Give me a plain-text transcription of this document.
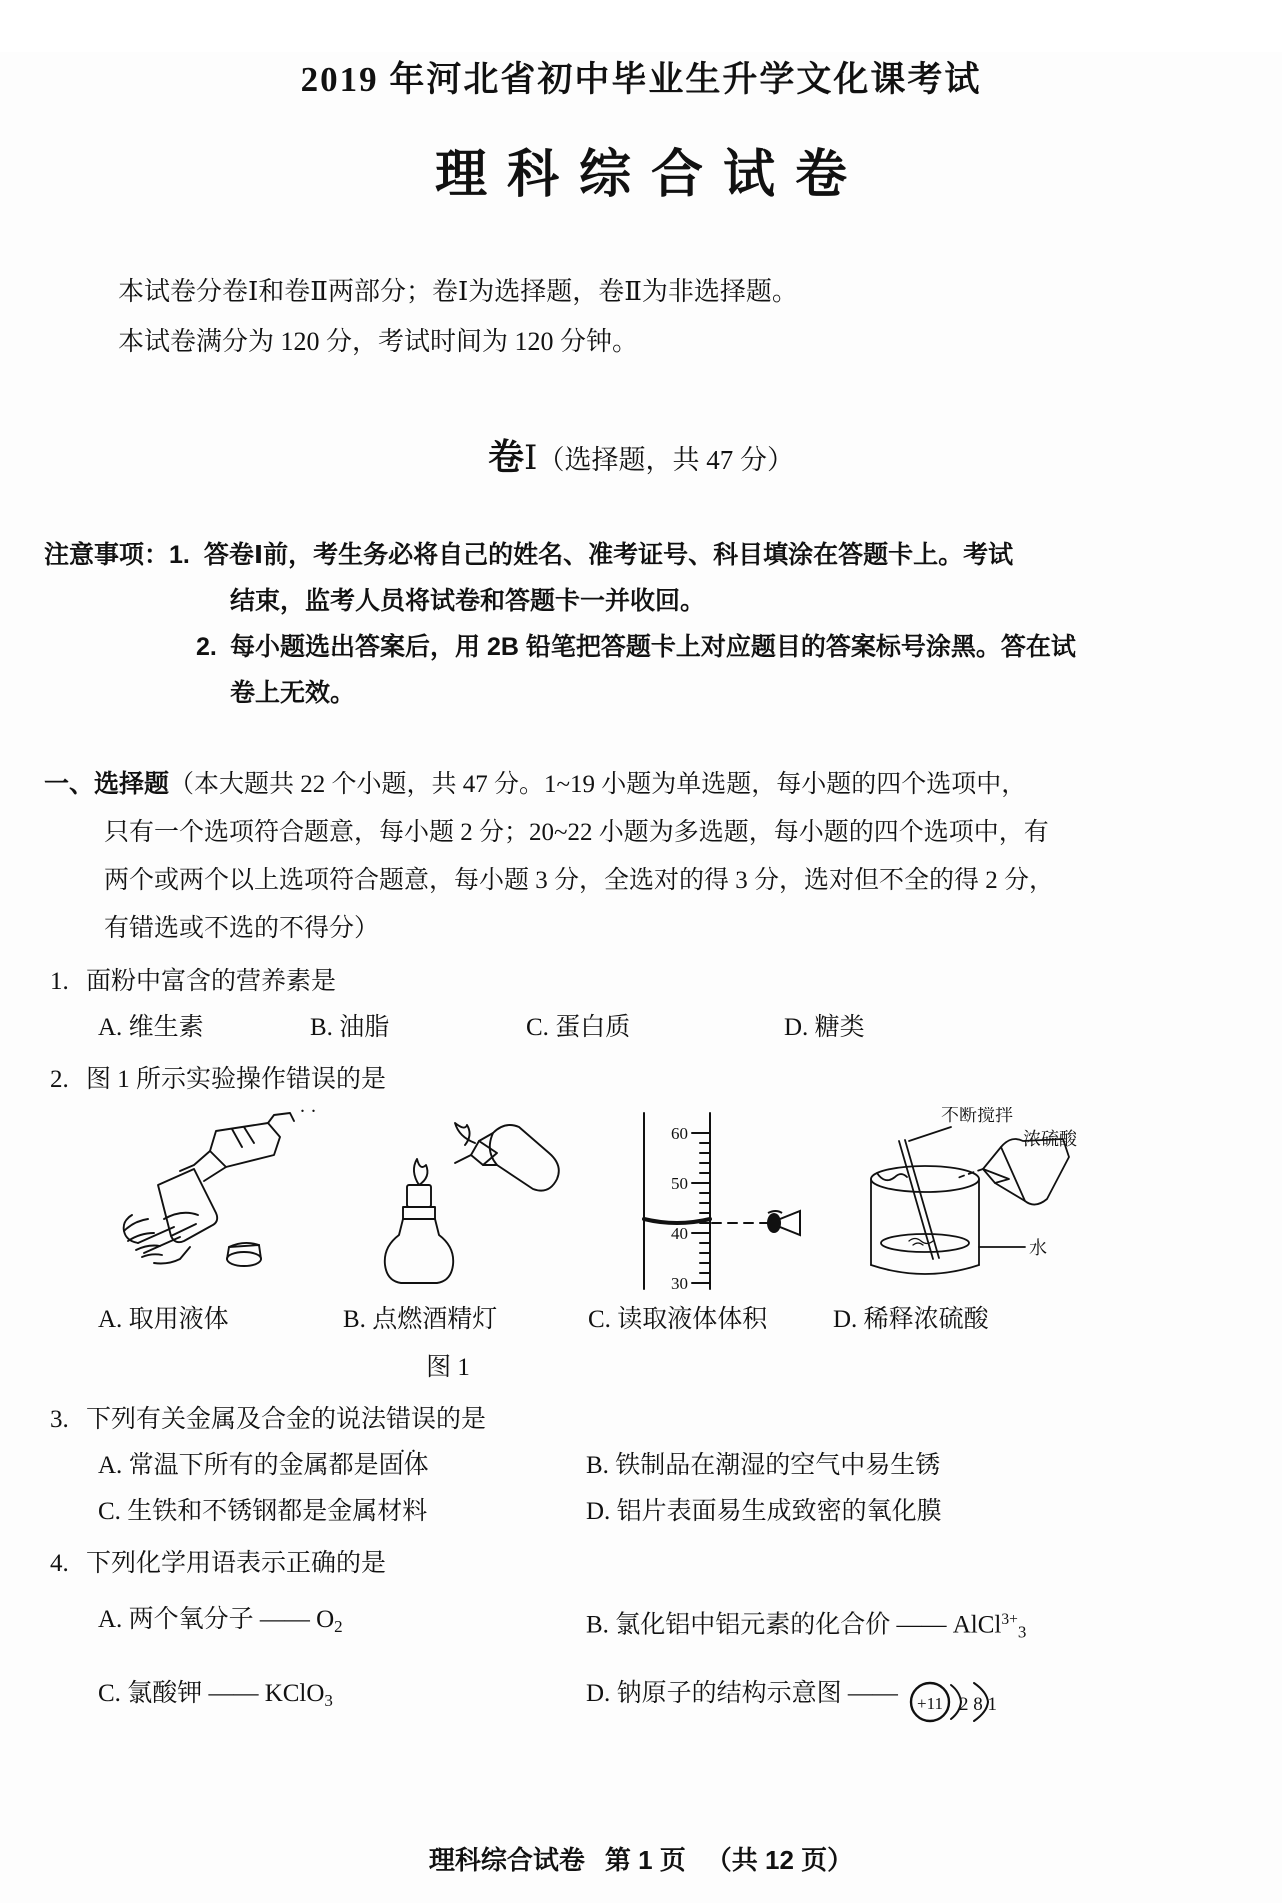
2019 年河北省初中毕业生升学文化课考试
理科综合试卷
本试卷分卷Ⅰ和卷Ⅱ两部分；卷Ⅰ为选择题，卷Ⅱ为非选择题。
本试卷满分为 120 分，考试时间为 120 分钟。
卷Ⅰ（选择题，共 47 分）
注意事项： 1. 答卷Ⅰ前，考生务必将自己的姓名、准考证号、科目填涂在答题卡上。考试
结束，监考人员将试卷和答题卡一并收回。
2. 每小题选出答案后，用 2B 铅笔把答题卡上对应题目的答案标号涂黑。答在试
卷上无效。
一、选择题（本大题共 22 个小题，共 47 分。1~19 小题为单选题，每小题的四个选项中，
只有一个选项符合题意，每小题 2 分；20~22 小题为多选题，每小题的四个选项中，有
两个或两个以上选项符合题意，每小题 3 分，全选对的得 3 分，选对但不全的得 2 分，
有错选或不选的不得分）
1. 面粉中富含的营养素是
A. 维生素	B. 油脂	C. 蛋白质	D. 糖类
2. 图 1 所示实验操作错误 ..的是
60
50
40
30
不断搅拌
浓硫酸
水
A. 取用液体	B. 点燃酒精灯	C. 读取液体体积	D. 稀释浓硫酸
图 1
3. 下列有关金属及合金的说法错误 ..的是
A. 常温下所有的金属都是固体	B. 铁制品在潮湿的空气中易生锈
C. 生铁和不锈钢都是金属材料	D. 铝片表面易生成致密的氧化膜
4. 下列化学用语表示正确的是
A. 两个氧分子 —— $O_2$	B. 氯化铝中铝元素的化合价 —— AlCl$^{3+}_3$
C. 氯酸钾 —— KClO$_3$	D. 钠原子的结构示意图 —— +11 2 8 1
理科综合试卷 第 1 页 （共 12 页）
